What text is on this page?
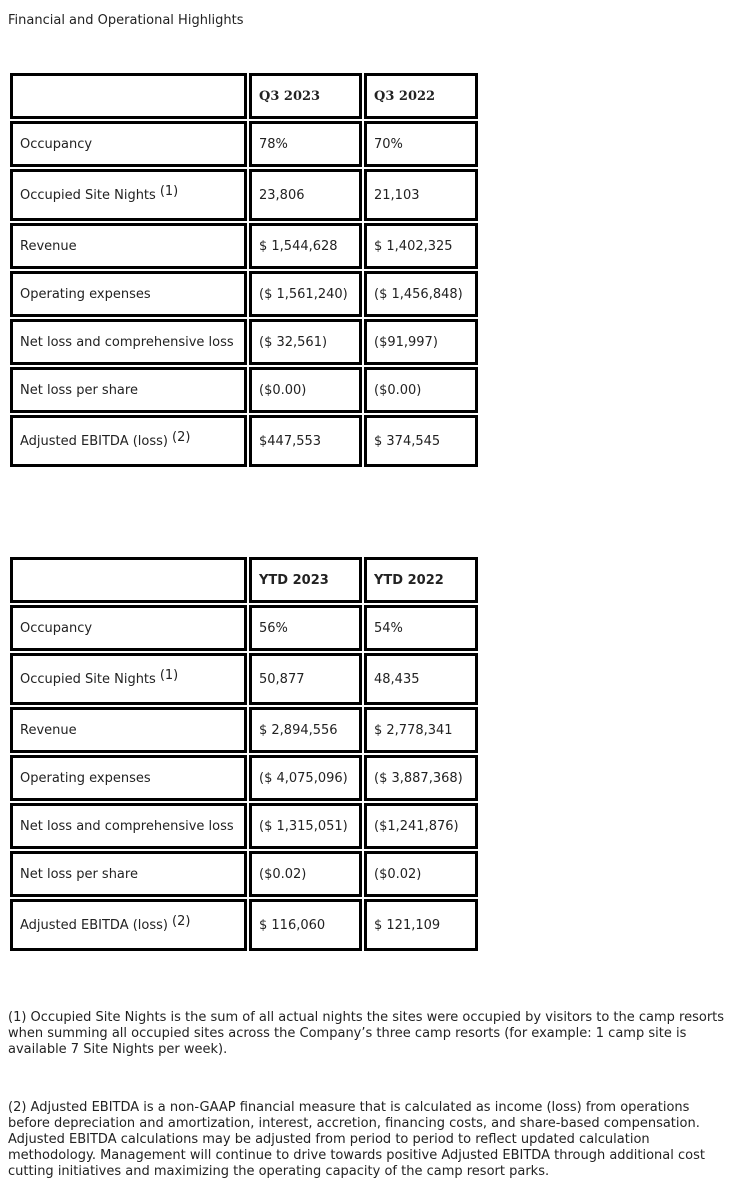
Financial and Operational Highlights
	Q3 2023	Q3 2022
Occupancy	78%	70%
Occupied Site Nights (1)	23,806	21,103
Revenue	$ 1,544,628	$ 1,402,325
Operating expenses	($ 1,561,240)	($ 1,456,848)
Net loss and comprehensive loss	($ 32,561)	($91,997)
Net loss per share	($0.00)	($0.00)
Adjusted EBITDA (loss) (2)	$447,553	$ 374,545
	YTD 2023	YTD 2022
Occupancy	56%	54%
Occupied Site Nights (1)	50,877	48,435
Revenue	$ 2,894,556	$ 2,778,341
Operating expenses	($ 4,075,096)	($ 3,887,368)
Net loss and comprehensive loss	($ 1,315,051)	($1,241,876)
Net loss per share	($0.02)	($0.02)
Adjusted EBITDA (loss) (2)	$ 116,060	$ 121,109
(1) Occupied Site Nights is the sum of all actual nights the sites were occupied by visitors to the camp resorts when summing all occupied sites across the Company’s three camp resorts (for example: 1 camp site is available 7 Site Nights per week).
(2) Adjusted EBITDA is a non-GAAP financial measure that is calculated as income (loss) from operations before depreciation and amortization, interest, accretion, financing costs, and share-based compensation. Adjusted EBITDA calculations may be adjusted from period to period to reflect updated calculation methodology. Management will continue to drive towards positive Adjusted EBITDA through additional cost cutting initiatives and maximizing the operating capacity of the camp resort parks.
